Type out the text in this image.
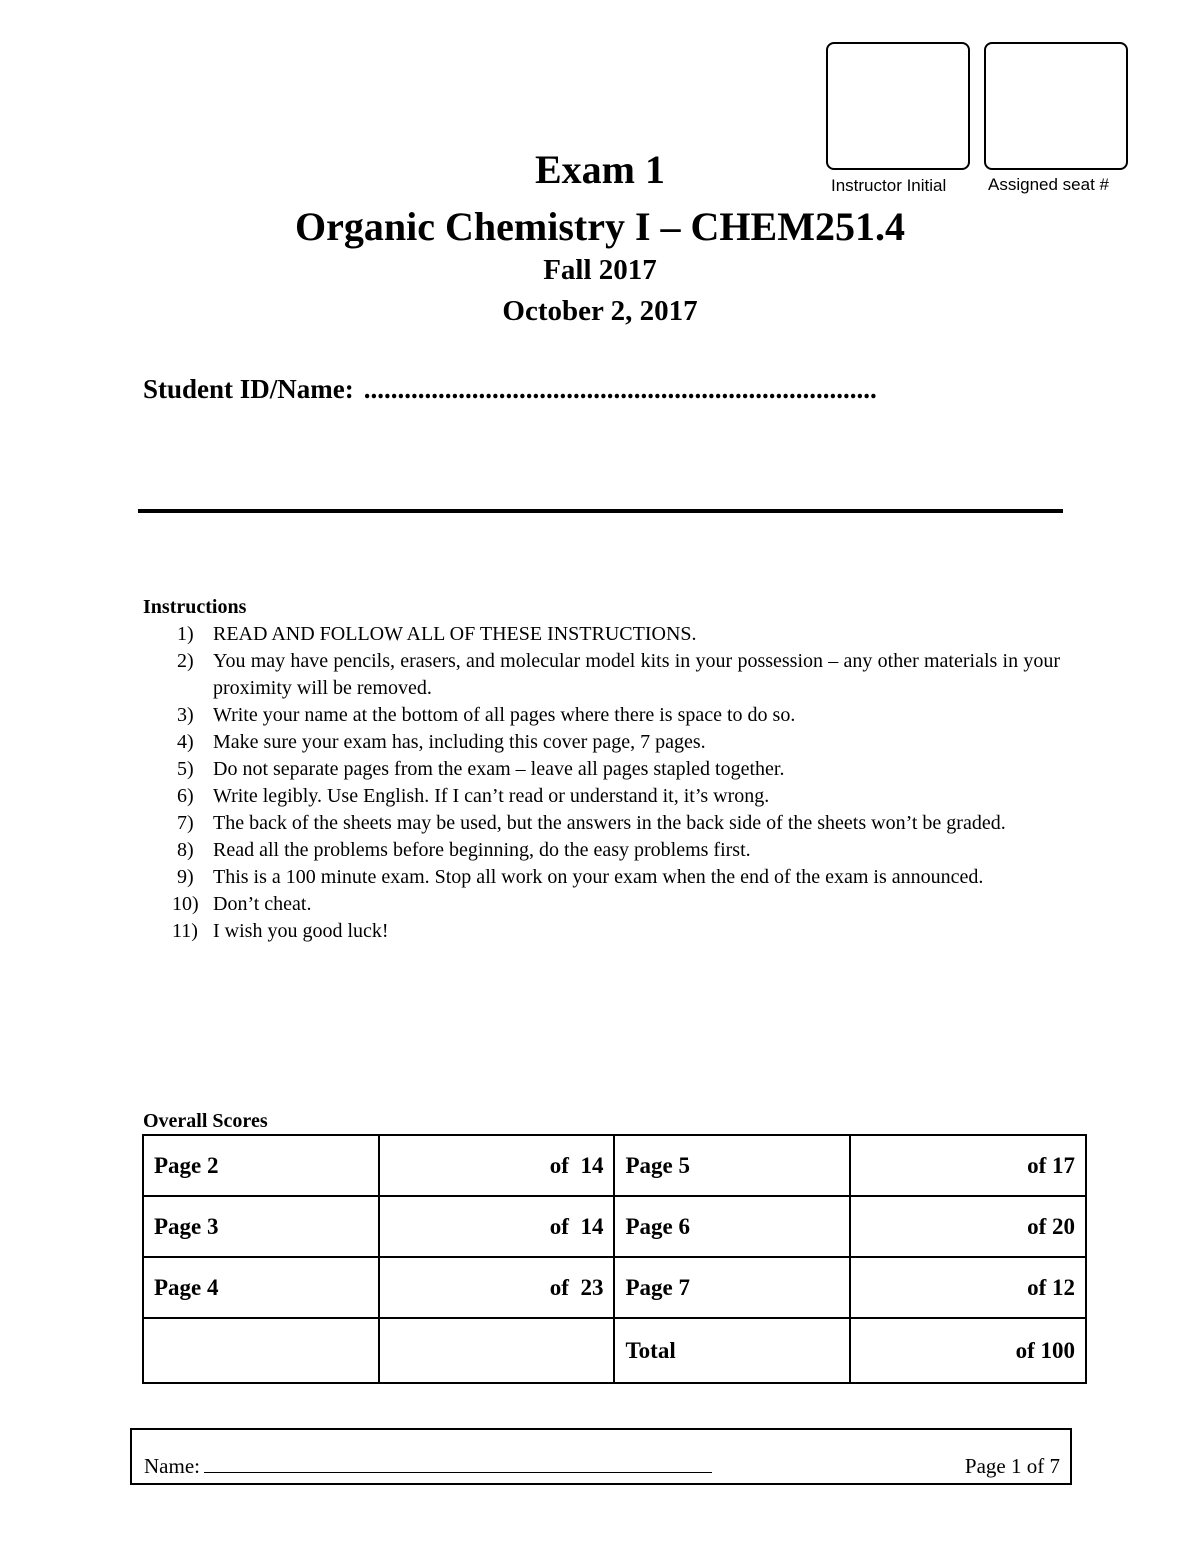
Instructor Initial Assigned seat #
Exam 1
Organic Chemistry I – CHEM251.4
Fall 2017
October 2, 2017
Student ID/Name: ............................................................................
Instructions
1) READ AND FOLLOW ALL OF THESE INSTRUCTIONS.
2) You may have pencils, erasers, and molecular model kits in your possession – any other materials in your proximity will be removed.
3) Write your name at the bottom of all pages where there is space to do so.
4) Make sure your exam has, including this cover page, 7 pages.
5) Do not separate pages from the exam – leave all pages stapled together.
6) Write legibly. Use English. If I can’t read or understand it, it’s wrong.
7) The back of the sheets may be used, but the answers in the back side of the sheets won’t be graded.
8) Read all the problems before beginning, do the easy problems first.
9) This is a 100 minute exam. Stop all work on your exam when the end of the exam is announced.
10) Don’t cheat.
11) I wish you good luck!
Overall Scores
Page 2	of  14	Page 5	of 17
Page 3	of  14	Page 6	of 20
Page 4	of  23	Page 7	of 12
		Total	of 100
Name:	Page 1 of 7
